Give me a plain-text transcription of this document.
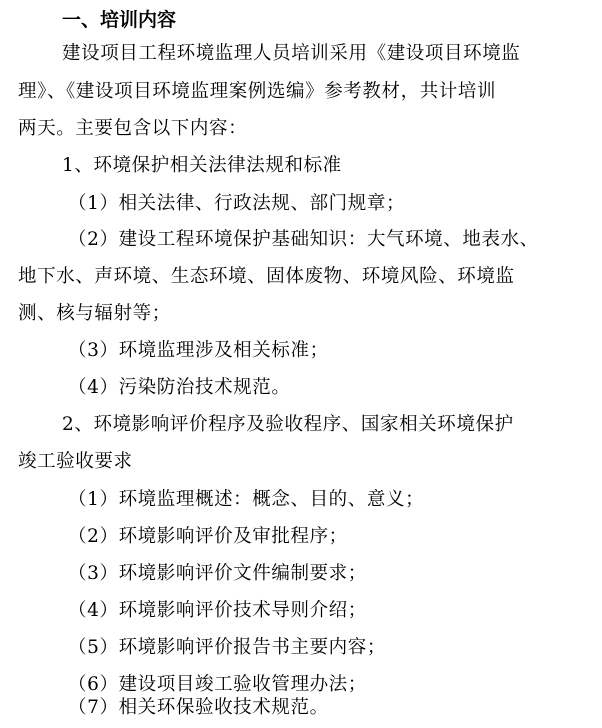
一、培训内容
建设项目工程环境监理人员培训采用《建设项目环境监
理》、《建设项目环境监理案例选编》参考教材，共计培训
两天。主要包含以下内容：
1、环境保护相关法律法规和标准
（1）相关法律、行政法规、部门规章；
（2）建设工程环境保护基础知识：大气环境、地表水、
地下水、声环境、生态环境、固体废物、环境风险、环境监
测、核与辐射等；
（3）环境监理涉及相关标准；
（4）污染防治技术规范。
2、环境影响评价程序及验收程序、国家相关环境保护
竣工验收要求
（1）环境监理概述：概念、目的、意义；
（2）环境影响评价及审批程序；
（3）环境影响评价文件编制要求；
（4）环境影响评价技术导则介绍；
（5）环境影响评价报告书主要内容；
（6）建设项目竣工验收管理办法；
（7）相关环保验收技术规范。
